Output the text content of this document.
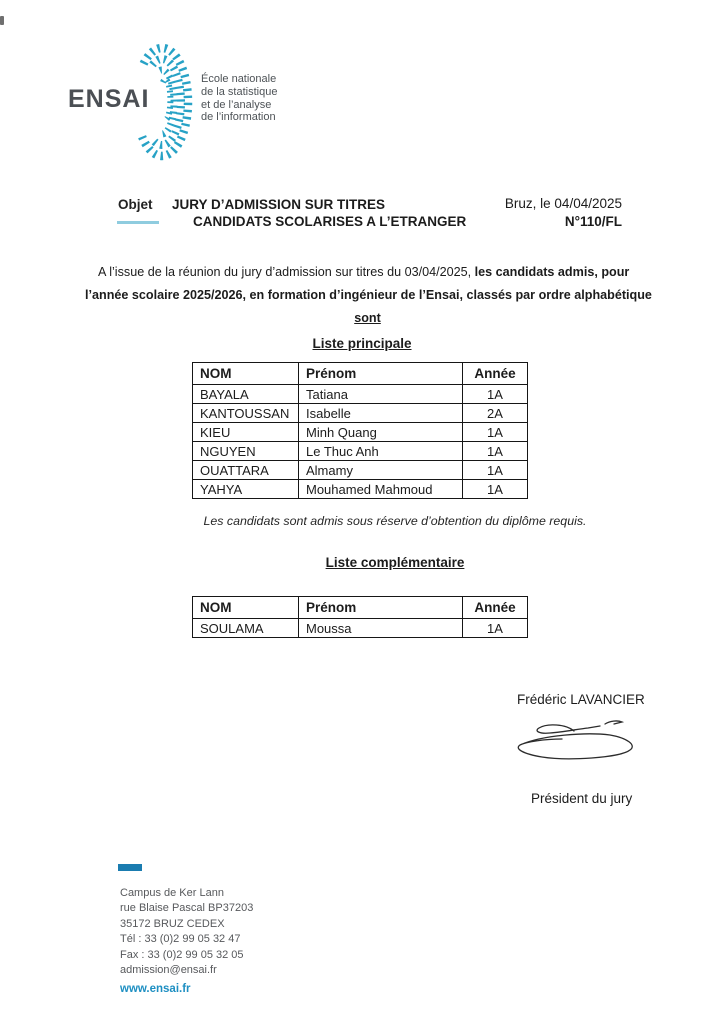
ENSAI
École nationale
de la statistique
et de l’analyse
de l’information
Objet JURY D’ADMISSION SUR TITRES
CANDIDATS SCOLARISES A L’ETRANGER
Bruz, le 04/04/2025
N°110/FL
A l’issue de la réunion du jury d’admission sur titres du 03/04/2025, les candidats admis, pour
l’année scolaire 2025/2026, en formation d’ingénieur de l’Ensai, classés par ordre alphabétique
sont
Liste principale
NOM	Prénom	Année
BAYALA	Tatiana	1A
KANTOUSSAN	Isabelle	2A
KIEU	Minh Quang	1A
NGUYEN	Le Thuc Anh	1A
OUATTARA	Almamy	1A
YAHYA	Mouhamed Mahmoud	1A
Les candidats sont admis sous réserve d’obtention du diplôme requis.
Liste complémentaire
NOM	Prénom	Année
SOULAMA	Moussa	1A
Frédéric LAVANCIER
Président du jury
Campus de Ker Lann
rue Blaise Pascal BP37203
35172 BRUZ CEDEX
Tél : 33 (0)2 99 05 32 47
Fax : 33 (0)2 99 05 32 05
admission@ensai.fr
www.ensai.fr
